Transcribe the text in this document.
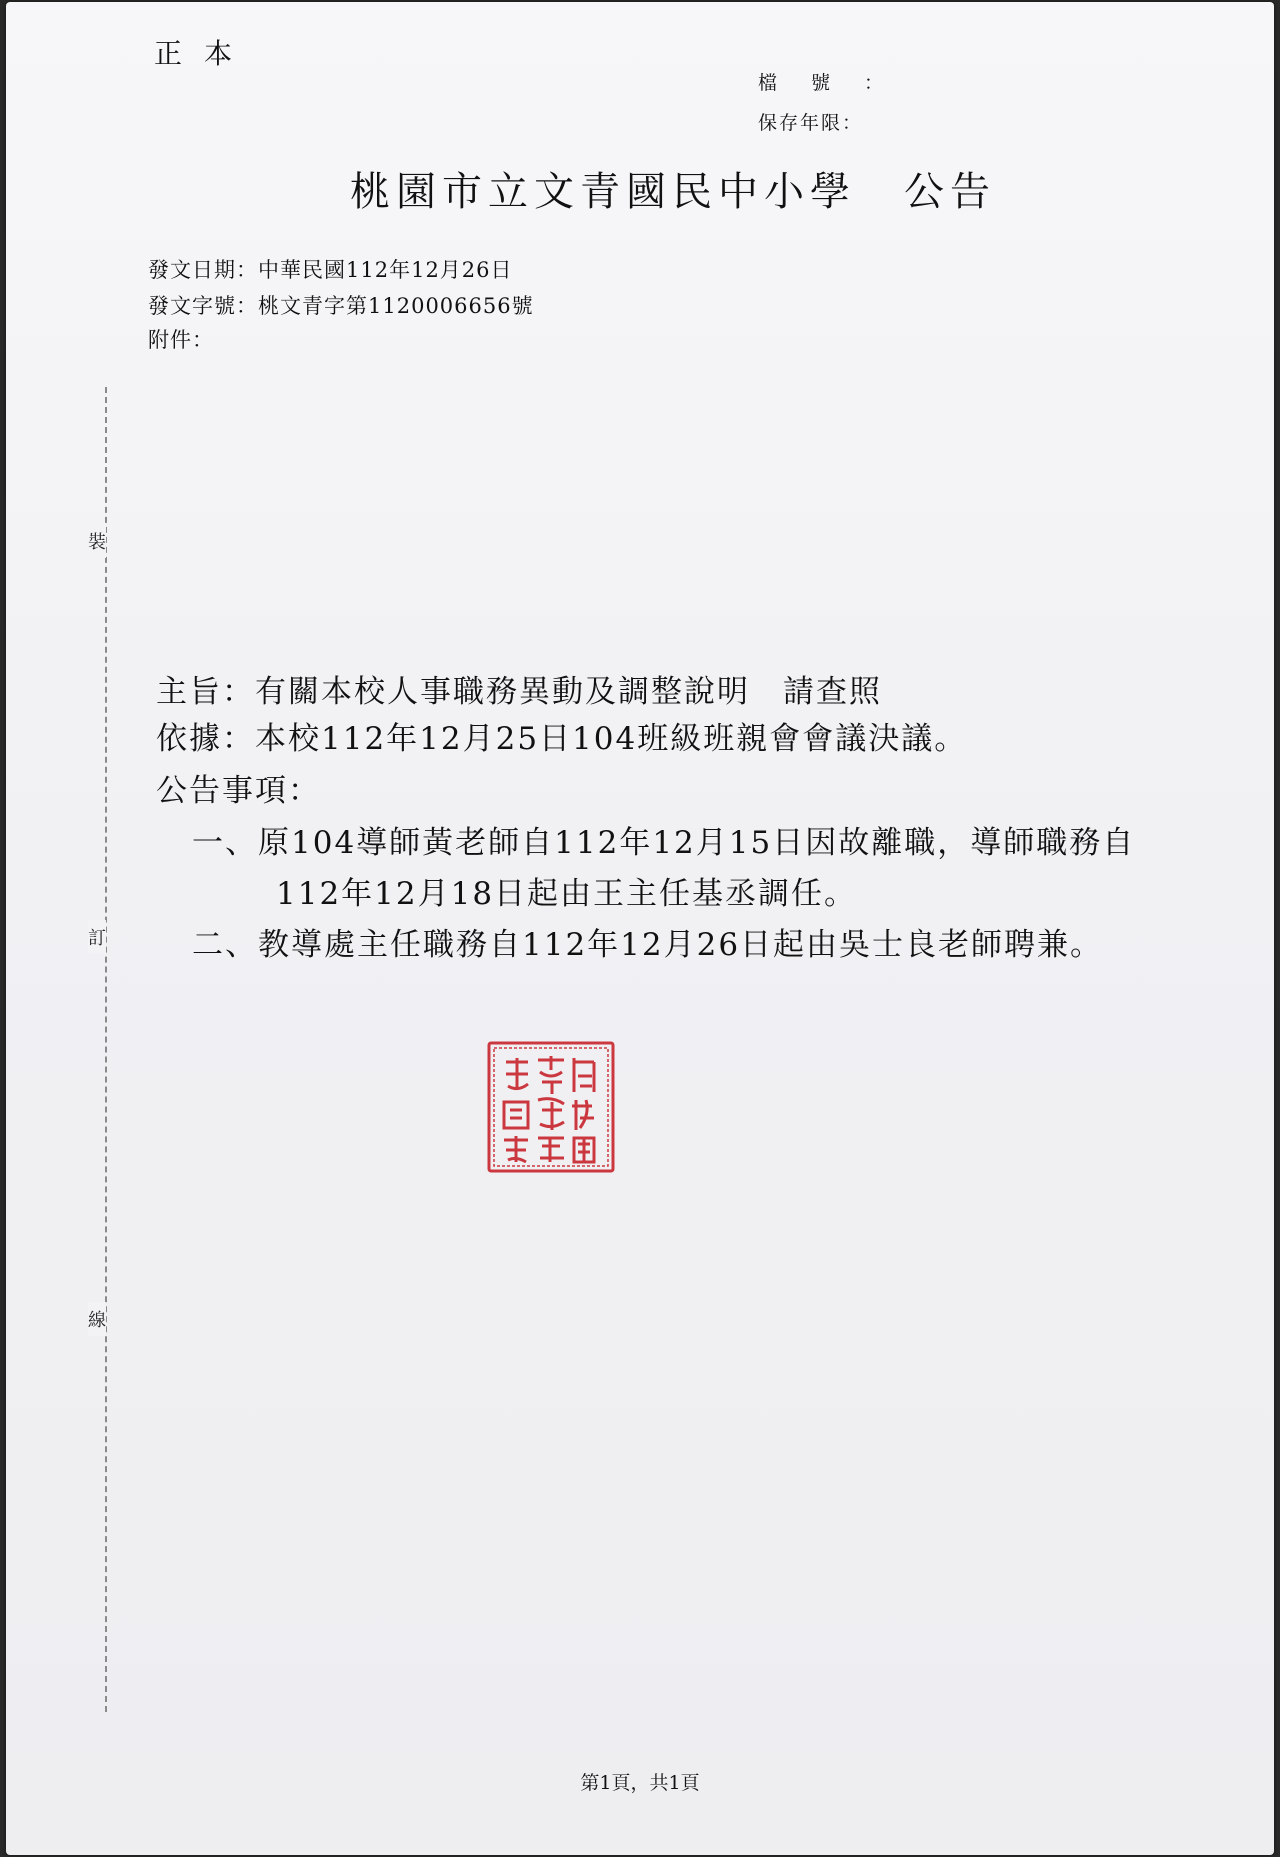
正本
檔號：
保存年限：
桃園市立文青國民中小學 公告
發文日期：中華民國112年12月26日
發文字號：桃文青字第1120006656號
附件：
裝
訂
線
主旨：有關本校人事職務異動及調整說明　請查照
依據：本校112年12月25日104班級班親會會議決議。
公告事項：
一、原104導師黃老師自112年12月15日因故離職，導師職務自
112年12月18日起由王主任基丞調任。
二、教導處主任職務自112年12月26日起由吳士良老師聘兼。
第1頁，共1頁
